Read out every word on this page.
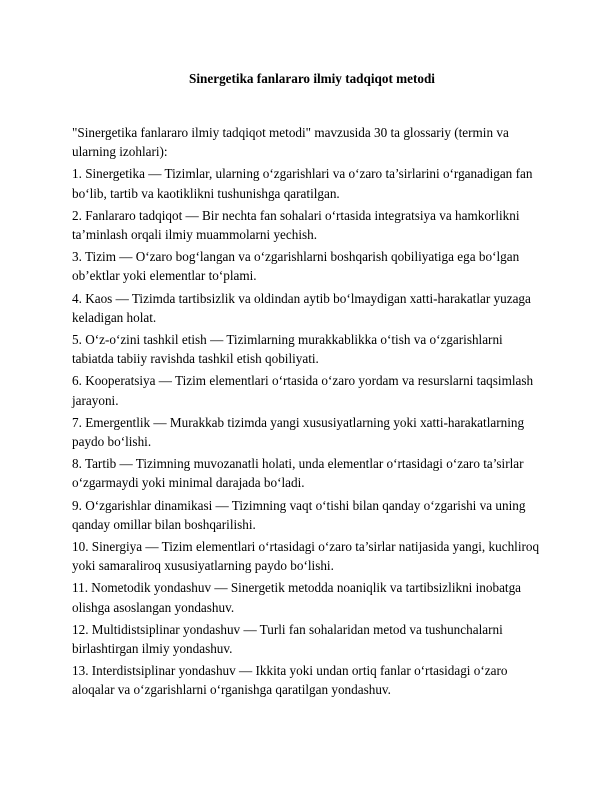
Sinergetika fanlararo ilmiy tadqiqot metodi

"Sinergetika fanlararo ilmiy tadqiqot metodi" mavzusida 30 ta glossariy (termin va ularning izohlari):

1. Sinergetika — Tizimlar, ularning o‘zgarishlari va o‘zaro ta’sirlarini o‘rganadigan fan bo‘lib, tartib va kaotiklikni tushunishga qaratilgan.

2. Fanlararo tadqiqot — Bir nechta fan sohalari o‘rtasida integratsiya va hamkorlikni ta’minlash orqali ilmiy muammolarni yechish.

3. Tizim — O‘zaro bog‘langan va o‘zgarishlarni boshqarish qobiliyatiga ega bo‘lgan ob’ektlar yoki elementlar to‘plami.

4. Kaos — Tizimda tartibsizlik va oldindan aytib bo‘lmaydigan xatti-harakatlar yuzaga keladigan holat.

5. O‘z-o‘zini tashkil etish — Tizimlarning murakkablikka o‘tish va o‘zgarishlarni tabiatda tabiiy ravishda tashkil etish qobiliyati.

6. Kooperatsiya — Tizim elementlari o‘rtasida o‘zaro yordam va resurslarni taqsimlash jarayoni.

7. Emergentlik — Murakkab tizimda yangi xususiyatlarning yoki xatti-harakatlarning paydo bo‘lishi.

8. Tartib — Tizimning muvozanatli holati, unda elementlar o‘rtasidagi o‘zaro ta’sirlar o‘zgarmaydi yoki minimal darajada bo‘ladi.

9. O‘zgarishlar dinamikasi — Tizimning vaqt o‘tishi bilan qanday o‘zgarishi va uning qanday omillar bilan boshqarilishi.

10. Sinergiya — Tizim elementlari o‘rtasidagi o‘zaro ta’sirlar natijasida yangi, kuchliroq yoki samaraliroq xususiyatlarning paydo bo‘lishi.

11. Nometodik yondashuv — Sinergetik metodda noaniqlik va tartibsizlikni inobatga olishga asoslangan yondashuv.

12. Multidistsiplinar yondashuv — Turli fan sohalaridan metod va tushunchalarni birlashtirgan ilmiy yondashuv.

13. Interdistsiplinar yondashuv — Ikkita yoki undan ortiq fanlar o‘rtasidagi o‘zaro aloqalar va o‘zgarishlarni o‘rganishga qaratilgan yondashuv.
